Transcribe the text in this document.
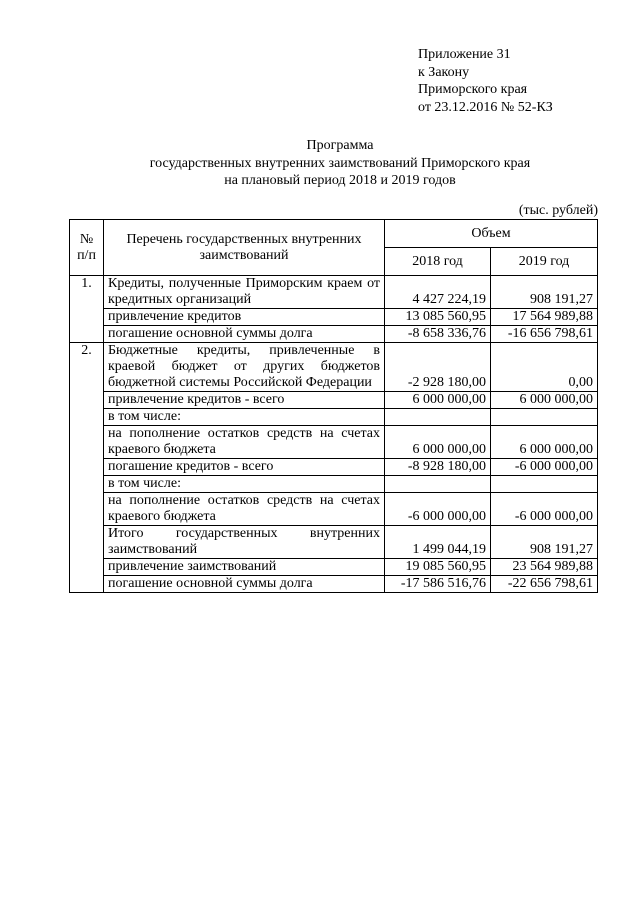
Приложение 31
к Закону
Приморского края
от 23.12.2016 № 52-КЗ
Программа
государственных внутренних заимствований Приморского края
на плановый период 2018 и 2019 годов
(тыс. рублей)
№ п/п	Перечень государственных внутренних заимствований	Объем	
		2018 год	2019 год
1.	Кредиты, полученные Приморским краем от кредитных организаций	4 427 224,19	908 191,27
	привлечение кредитов	13 085 560,95	17 564 989,88
	погашение основной суммы долга	-8 658 336,76	-16 656 798,61
2.	Бюджетные кредиты, привлеченные в краевой бюджет от других бюджетов бюджетной системы Российской Федерации	-2 928 180,00	0,00
	привлечение кредитов - всего	6 000 000,00	6 000 000,00
	в том числе:		
	на пополнение остатков средств на счетах краевого бюджета	6 000 000,00	6 000 000,00
	погашение кредитов - всего	-8 928 180,00	-6 000 000,00
	в том числе:		
	на пополнение остатков средств на счетах краевого бюджета	-6 000 000,00	-6 000 000,00
	Итого государственных внутренних заимствований	1 499 044,19	908 191,27
	привлечение заимствований	19 085 560,95	23 564 989,88
	погашение основной суммы долга	-17 586 516,76	-22 656 798,61
